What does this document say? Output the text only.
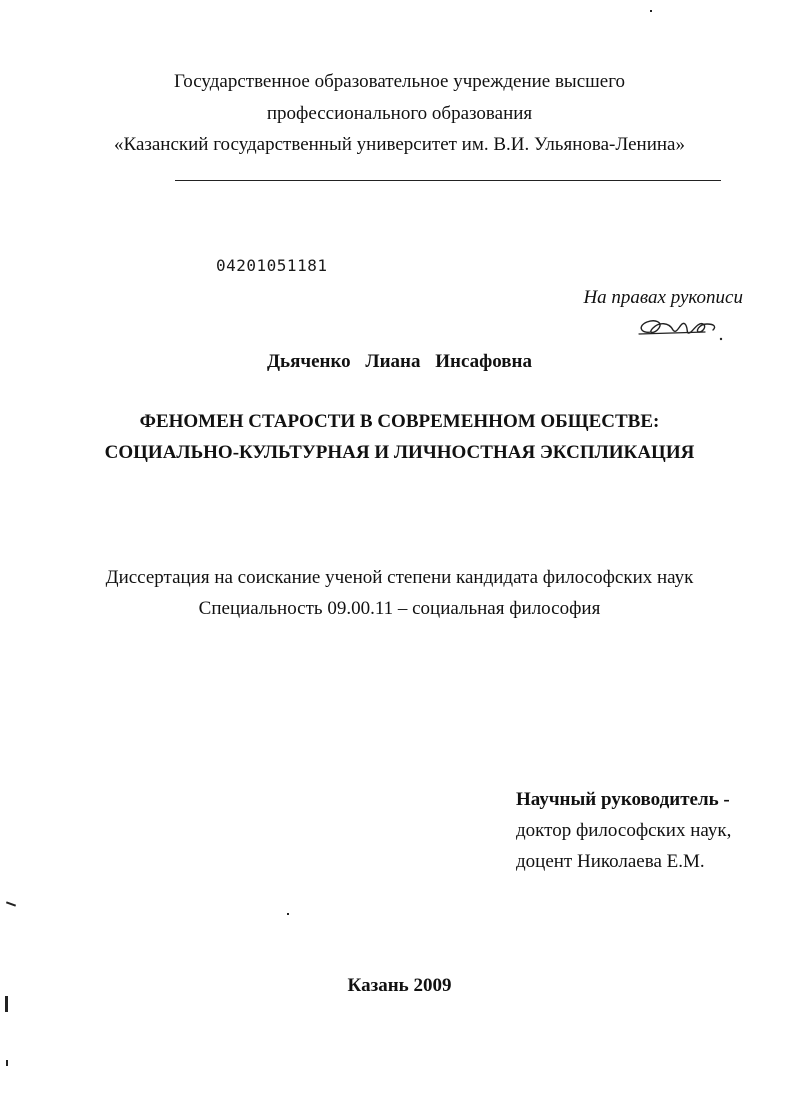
Государственное образовательное учреждение высшего
профессионального образования
«Казанский государственный университет им. В.И. Ульянова-Ленина»
04201051181
На правах рукописи
Дьяченко Лиана Инсафовна
ФЕНОМЕН СТАРОСТИ В СОВРЕМЕННОМ ОБЩЕСТВЕ:
СОЦИАЛЬНО-КУЛЬТУРНАЯ И ЛИЧНОСТНАЯ ЭКСПЛИКАЦИЯ
Диссертация на соискание ученой степени кандидата философских наук
Специальность 09.00.11 – социальная философия
Научный руководитель -
доктор философских наук,
доцент Николаева Е.М.
Казань 2009
